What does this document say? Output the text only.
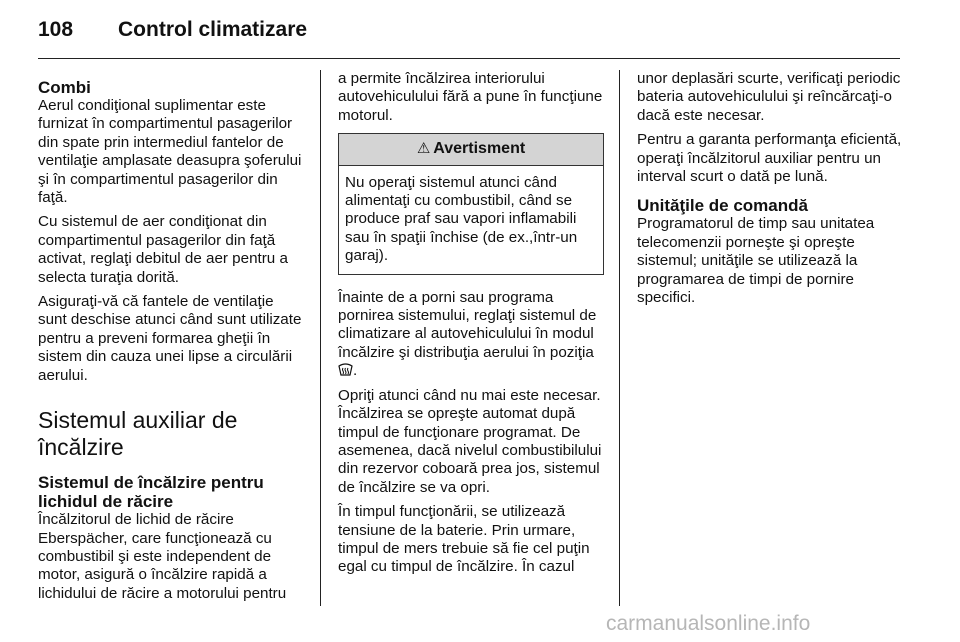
108 Control climatizare
Combi

Aerul condiţional suplimentar este furnizat în compartimentul pasagerilor din spate prin intermediul fantelor de ventilaţie amplasate deasupra şoferului şi în compartimentul pasagerilor din faţă.

Cu sistemul de aer condiţionat din compartimentul pasagerilor din faţă activat, reglaţi debitul de aer pentru a selecta turaţia dorită.

Asiguraţi-vă că fantele de ventilaţie sunt deschise atunci când sunt utilizate pentru a preveni formarea gheţii în sistem din cauza unei lipse a circulării aerului.

Sistemul auxiliar de încălzire
Sistemul de încălzire pentru lichidul de răcire

Încălzitorul de lichid de răcire Eberspächer, care funcţionează cu combustibil şi este independent de motor, asigură o încălzire rapidă a lichidului de răcire a motorului pentru

a permite încălzirea interiorului autovehiculului fără a pune în funcţiune motorul.

⚠ Avertisment
Nu operaţi sistemul atunci când alimentaţi cu combustibil, când se produce praf sau vapori inflamabili sau în spaţii închise (de ex.,într-un garaj).

Înainte de a porni sau programa pornirea sistemului, reglaţi sistemul de climatizare al autovehiculului în modul încălzire şi distribuţia aerului în poziţia .

Opriţi atunci când nu mai este necesar. Încălzirea se opreşte automat după timpul de funcţionare programat. De asemenea, dacă nivelul combustibilului din rezervor coboară prea jos, sistemul de încălzire se va opri.

În timpul funcţionării, se utilizează tensiune de la baterie. Prin urmare, timpul de mers trebuie să fie cel puţin egal cu timpul de încălzire. În cazul

unor deplasări scurte, verificaţi periodic bateria autovehiculului şi reîncărcaţi-o dacă este necesar.

Pentru a garanta performanţa eficientă, operaţi încălzitorul auxiliar pentru un interval scurt o dată pe lună.

Unităţile de comandă

Programatorul de timp sau unitatea telecomenzii porneşte şi opreşte sistemul; unităţile se utilizează la programarea de timpi de pornire specifici.

carmanualsonline.info
